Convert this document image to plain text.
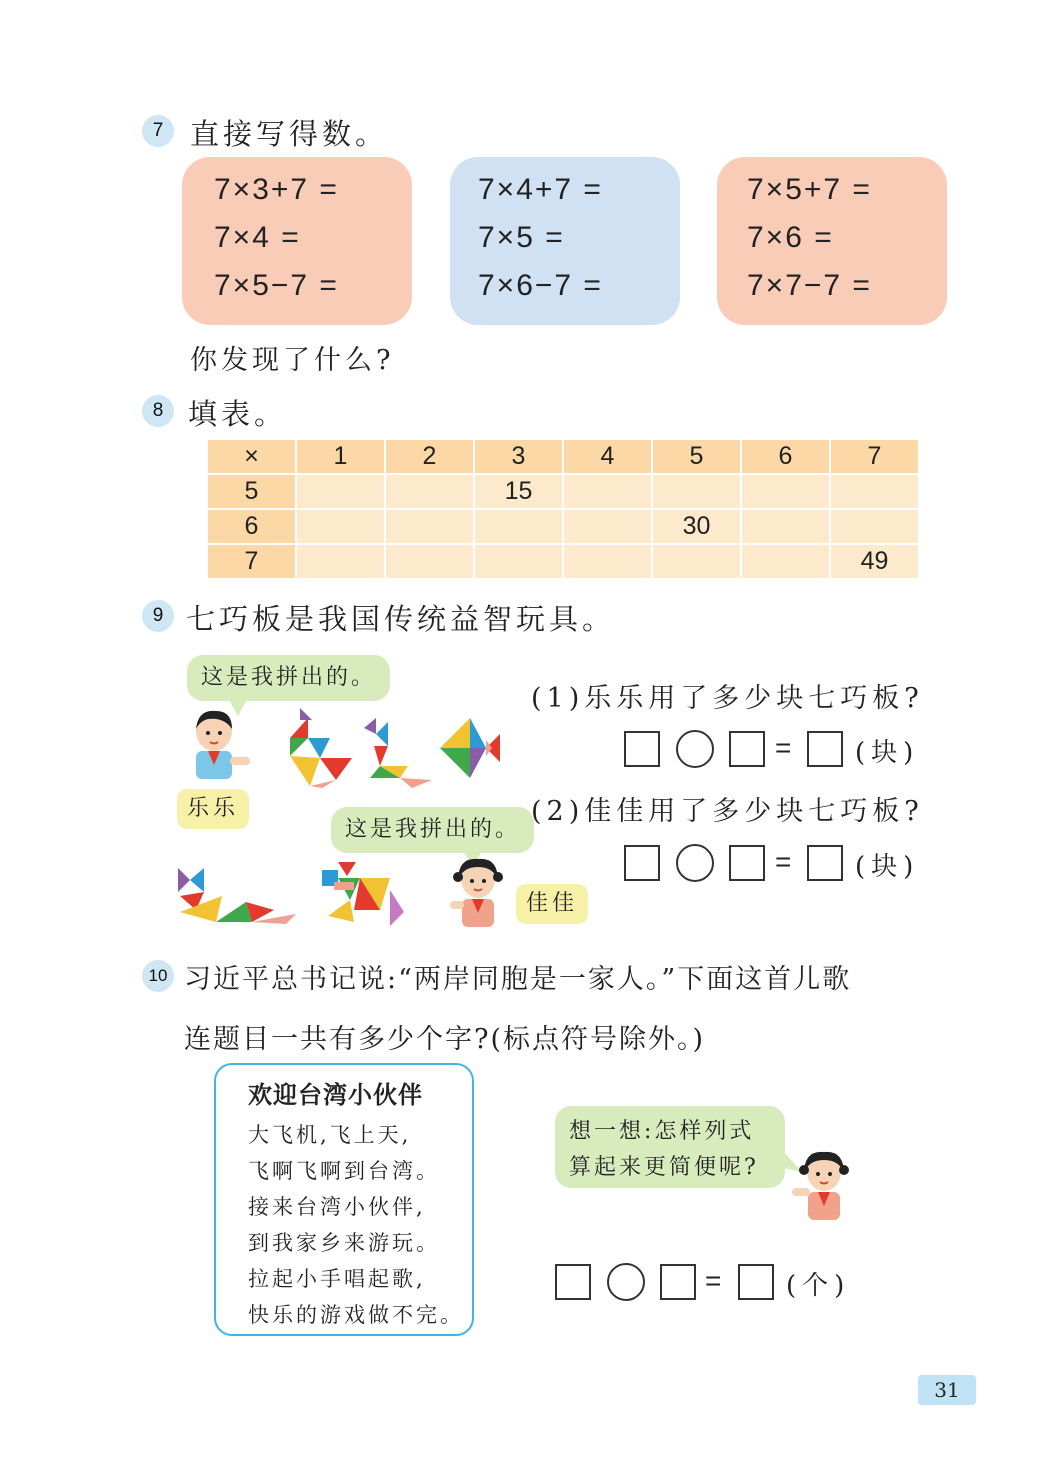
7 直接写得数。
7×3+7 =
7×4 =
7×5−7 =
7×4+7 =
7×5 =
7×6−7 =
7×5+7 =
7×6 =
7×7−7 =
你发现了什么?
8 填表。
×	1	2	3	4	5	6	7
5			15				
6					30		
7							49
9 七巧板是我国传统益智玩具。
这是我拼出的。
乐乐
这是我拼出的。
佳佳
(1)乐乐用了多少块七巧板?
= (块)
(2)佳佳用了多少块七巧板?
= (块)
10 习近平总书记说:“两岸同胞是一家人。”下面这首儿歌
连题目一共有多少个字?(标点符号除外。)
欢迎台湾小伙伴
大飞机,飞上天,
飞啊飞啊到台湾。
接来台湾小伙伴,
到我家乡来游玩。
拉起小手唱起歌,
快乐的游戏做不完。
想一想:怎样列式
算起来更简便呢?
= (个)
31
